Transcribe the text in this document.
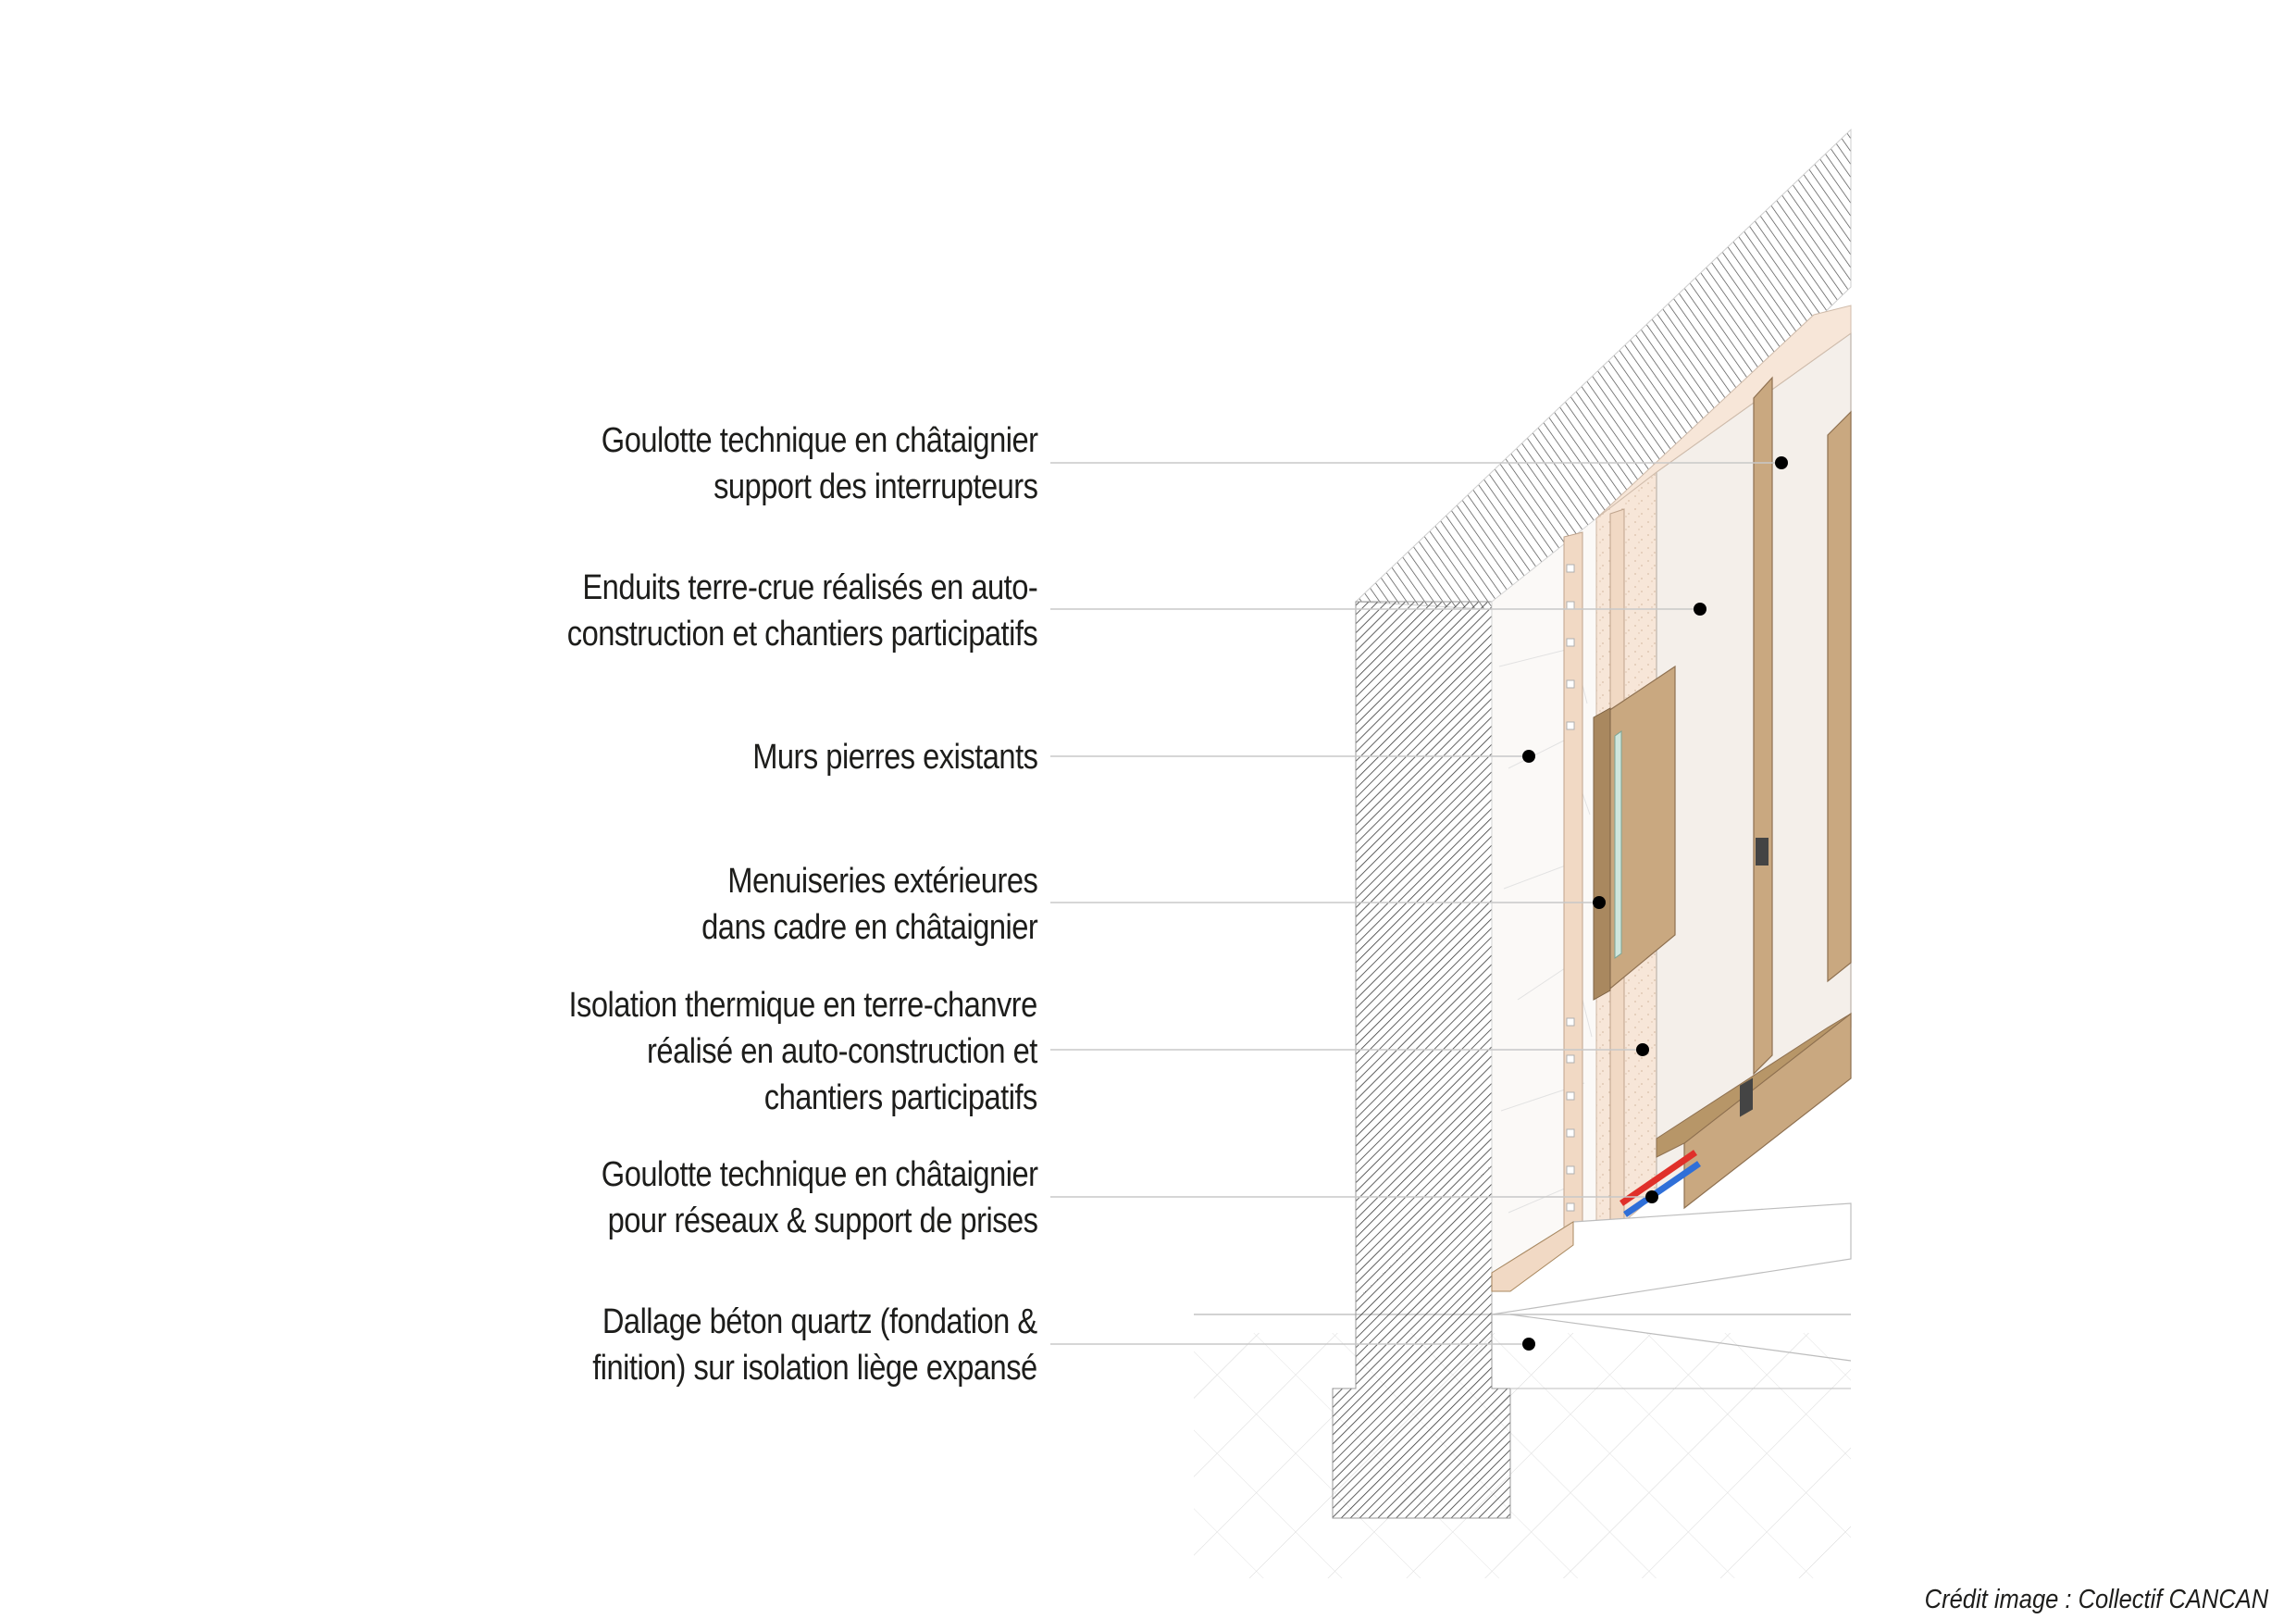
Goulotte technique en châtaignier
support des interrupteurs
Enduits terre-crue réalisés en auto-
construction et chantiers participatifs
Murs pierres existants
Menuiseries extérieures
dans cadre en châtaignier
Isolation thermique en terre-chanvre
réalisé en auto-construction et
chantiers participatifs
Goulotte technique en châtaignier
pour réseaux & support de prises
Dallage béton quartz (fondation &
finition) sur isolation liège expansé
Crédit image : Collectif CANCAN
